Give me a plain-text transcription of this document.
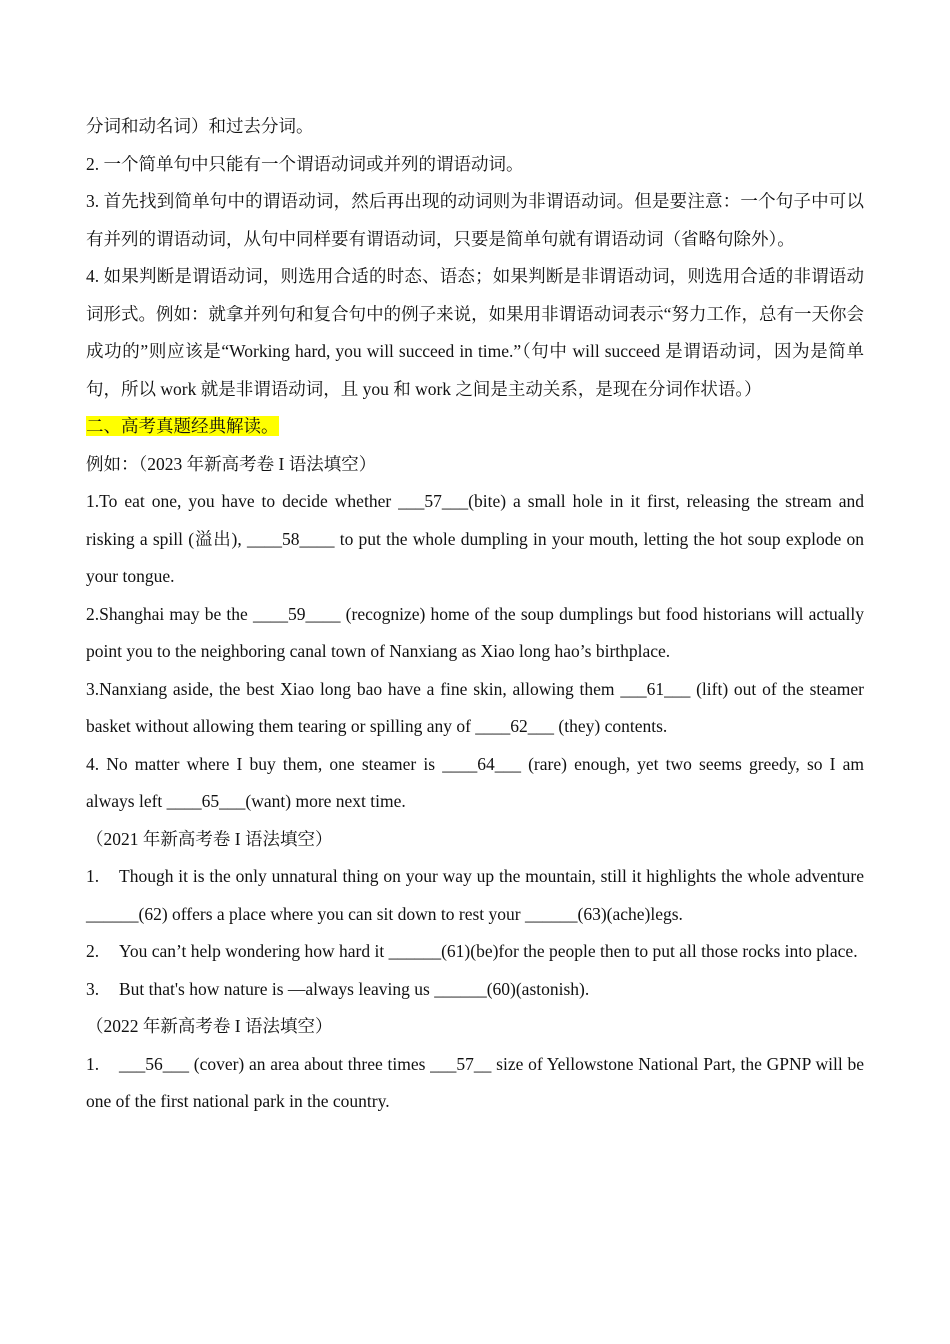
分词和动名词）和过去分词。

2. 一个简单句中只能有一个谓语动词或并列的谓语动词。

3. 首先找到简单句中的谓语动词，然后再出现的动词则为非谓语动词。但是要注意：一个句子中可以有并列的谓语动词，从句中同样要有谓语动词，只要是简单句就有谓语动词（省略句除外）。

4. 如果判断是谓语动词，则选用合适的时态、语态；如果判断是非谓语动词，则选用合适的非谓语动词形式。例如：就拿并列句和复合句中的例子来说，如果用非谓语动词表示“努力工作，总有一天你会成功的”则应该是“Working hard, you will succeed in time.”（句中 will succeed 是谓语动词，因为是简单句，所以 work 就是非谓语动词，且 you 和 work 之间是主动关系，是现在分词作状语。）

二、高考真题经典解读。

例如：（2023 年新高考卷 I 语法填空）

1.To eat one, you have to decide whether ___57___(bite) a small hole in it first, releasing the stream and risking a spill (溢出), ____58____ to put the whole dumpling in your mouth, letting the hot soup explode on your tongue.

2.Shanghai may be the ____59____ (recognize) home of the soup dumplings but food historians will actually point you to the neighboring canal town of Nanxiang as Xiao long hao’s birthplace.

3.Nanxiang aside, the best Xiao long bao have a fine skin, allowing them ___61___ (lift) out of the steamer basket without allowing them tearing or spilling any of ____62___ (they) contents.

4. No matter where I buy them, one steamer is ____64___ (rare) enough, yet two seems greedy, so I am always left ____65___(want) more next time.

（2021 年新高考卷 I 语法填空）

1. Though it is the only unnatural thing on your way up the mountain, still it highlights the whole adventure ______(62) offers a place where you can sit down to rest your ______(63)(ache)legs.

2. You can’t help wondering how hard it ______(61)(be)for the people then to put all those rocks into place.

3. But that's how nature is —always leaving us ______(60)(astonish).

（2022 年新高考卷 I 语法填空）

1. ___56___ (cover) an area about three times ___57__ size of Yellowstone National Part, the GPNP will be one of the first national park in the country.
